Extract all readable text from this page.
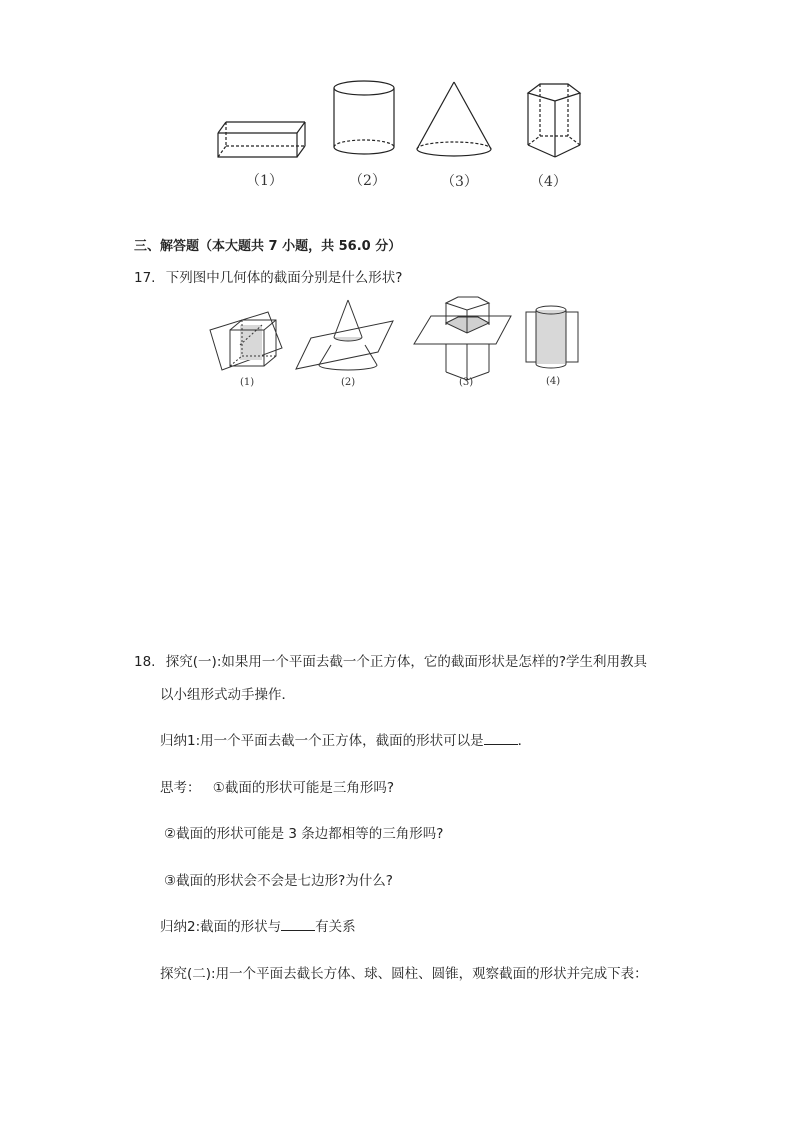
（1）	（2）	（3）	（4）
三、解答题（本大题共 7 小题，共 56.0 分）
17. 下列图中几何体的截面分别是什么形状?
(1)	(2)	(3)	(4)
18. 探究(一):如果用一个平面去截一个正方体，它的截面形状是怎样的?学生利用教具
以小组形式动手操作．
归纳1:用一个平面去截一个正方体，截面的形状可以是	．
思考： ①截面的形状可能是三角形吗?
②截面的形状可能是 3 条边都相等的三角形吗?
③截面的形状会不会是七边形?为什么?
归纳2:截面的形状与	有关系
探究(二):用一个平面去截长方体、球、圆柱、圆锥，观察截面的形状并完成下表：
